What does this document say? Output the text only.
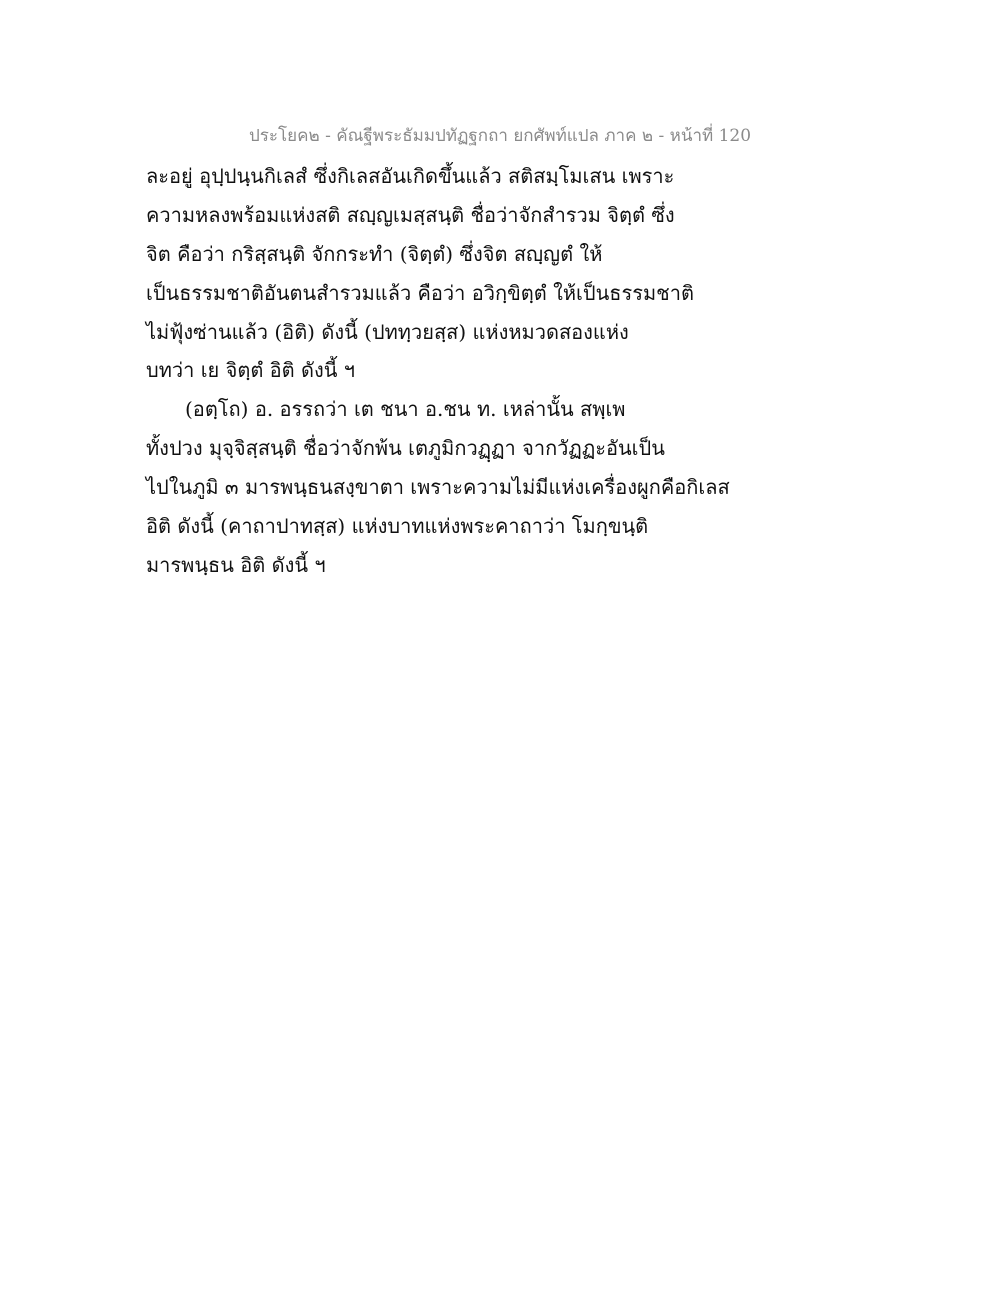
ประโยค๒ - คัณฐีพระธัมมปทัฏฐกถา ยกศัพท์แปล ภาค ๒ - หน้าที่ 120
ละอยู่ อุปฺปนฺนกิเลสํ ซึ่งกิเลสอันเกิดขึ้นแล้ว สติสมฺโมเสน เพราะ
ความหลงพร้อมแห่งสติ สญฺญเมสฺสนฺติ ชื่อว่าจักสำรวม จิตฺตํ ซึ่ง
จิต คือว่า กริสฺสนฺติ จักกระทำ (จิตฺตํ) ซึ่งจิต สญฺญตํ ให้
เป็นธรรมชาติอันตนสำรวมแล้ว คือว่า อวิกฺขิตฺตํ ให้เป็นธรรมชาติ
ไม่ฟุ้งซ่านแล้ว (อิติ) ดังนี้ (ปททฺวยสฺส) แห่งหมวดสองแห่ง
บทว่า เย จิตฺตํ อิติ ดังนี้ ฯ
(อตฺโถ) อ. อรรถว่า เต ชนา อ.ชน ท. เหล่านั้น สพฺเพ
ทั้งปวง มุจฺจิสฺสนฺติ ชื่อว่าจักพ้น เตภูมิกวฏฺฏา จากวัฏฏะอันเป็น
ไปในภูมิ ๓ มารพนฺธนสงฺขาตา เพราะความไม่มีแห่งเครื่องผูกคือกิเลส
อิติ ดังนี้ (คาถาปาทสฺส) แห่งบาทแห่งพระคาถาว่า โมกฺขนฺติ
มารพนฺธน อิติ ดังนี้ ฯ
